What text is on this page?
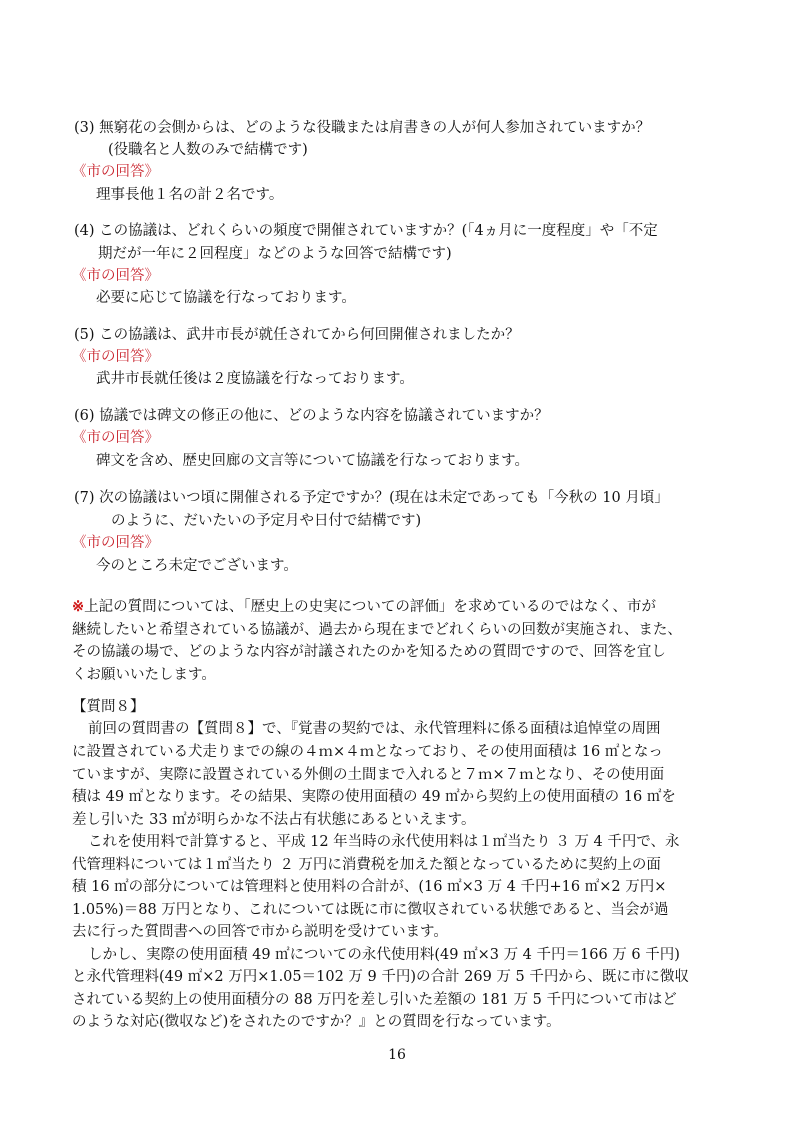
(3) 無窮花の会側からは、どのような役職または肩書きの人が何人参加されていますか？
(役職名と人数のみで結構です)
《市の回答》
理事長他１名の計２名です。
(4) この協議は、どれくらいの頻度で開催されていますか？(「4ヵ月に一度程度」や「不定
期だが一年に２回程度」などのような回答で結構です)
《市の回答》
必要に応じて協議を行なっております。
(5) この協議は、武井市長が就任されてから何回開催されましたか？
《市の回答》
武井市長就任後は２度協議を行なっております。
(6) 協議では碑文の修正の他に、どのような内容を協議されていますか？
《市の回答》
碑文を含め、歴史回廊の文言等について協議を行なっております。
(7) 次の協議はいつ頃に開催される予定ですか？(現在は未定であっても「今秋の 10 月頃」
のように、だいたいの予定月や日付で結構です)
《市の回答》
今のところ未定でございます。
※上記の質問については、「歴史上の史実についての評価」を求めているのではなく、市が
継続したいと希望されている協議が、過去から現在までどれくらいの回数が実施され、また、
その協議の場で、どのような内容が討議されたのかを知るための質問ですので、回答を宜し
くお願いいたします。
【質問８】
前回の質問書の【質問８】で、『覚書の契約では、永代管理料に係る面積は追悼堂の周囲
に設置されている犬走りまでの線の４ｍ×４ｍとなっており、その使用面積は 16 ㎡となっ
ていますが、実際に設置されている外側の土間まで入れると７ｍ×７ｍとなり、その使用面
積は 49 ㎡となります。その結果、実際の使用面積の 49 ㎡から契約上の使用面積の 16 ㎡を
差し引いた 33 ㎡が明らかな不法占有状態にあるといえます。
これを使用料で計算すると、平成 12 年当時の永代使用料は１㎡当たり ３ 万 4 千円で、永
代管理料については１㎡当たり ２ 万円に消費税を加えた額となっているために契約上の面
積 16 ㎡の部分については管理料と使用料の合計が、(16 ㎡×3 万 4 千円+16 ㎡×2 万円×
1.05%)＝88 万円となり、これについては既に市に徴収されている状態であると、当会が過
去に行った質問書への回答で市から説明を受けています。
しかし、実際の使用面積 49 ㎡についての永代使用料(49 ㎡×3 万 4 千円＝166 万 6 千円)
と永代管理料(49 ㎡×2 万円×1.05＝102 万 9 千円)の合計 269 万 5 千円から、既に市に徴収
されている契約上の使用面積分の 88 万円を差し引いた差額の 181 万 5 千円について市はど
のような対応(徴収など)をされたのですか？』との質問を行なっています。
16
